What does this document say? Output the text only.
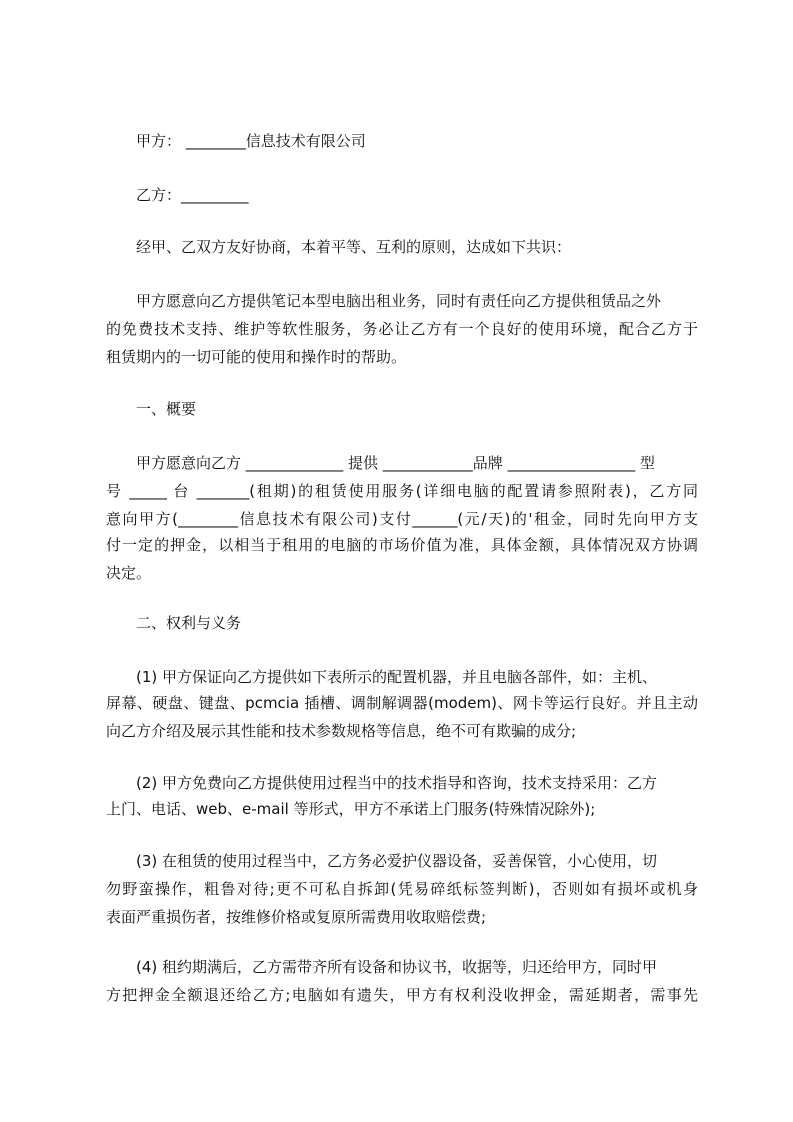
甲方： ________信息技术有限公司
乙方：_________
经甲、乙双方友好协商，本着平等、互利的原则，达成如下共识：
甲方愿意向乙方提供笔记本型电脑出租业务，同时有责任向乙方提供租赁品之外
的免费技术支持、维护等软性服务，务必让乙方有一个良好的使用环境，配合乙方于
租赁期内的一切可能的使用和操作时的帮助。
一、概要
甲方愿意向乙方 _____________ 提供 ____________品牌 _________________ 型
号 _____ 台 _______(租期)的租赁使用服务(详细电脑的配置请参照附表)，乙方同
意向甲方(________信息技术有限公司)支付______(元/天)的'租金，同时先向甲方支
付一定的押金，以相当于租用的电脑的市场价值为准，具体金额，具体情况双方协调
决定。
二、权利与义务
(1) 甲方保证向乙方提供如下表所示的配置机器，并且电脑各部件，如：主机、
屏幕、硬盘、键盘、pcmcia 插槽、调制解调器(modem)、网卡等运行良好。并且主动
向乙方介绍及展示其性能和技术参数规格等信息，绝不可有欺骗的成分;
(2) 甲方免费向乙方提供使用过程当中的技术指导和咨询，技术支持采用：乙方
上门、电话、web、e-mail 等形式，甲方不承诺上门服务(特殊情况除外);
(3) 在租赁的使用过程当中，乙方务必爱护仪器设备，妥善保管，小心使用，切
勿野蛮操作，粗鲁对待;更不可私自拆卸(凭易碎纸标签判断)，否则如有损坏或机身
表面严重损伤者，按维修价格或复原所需费用收取赔偿费;
(4) 租约期满后，乙方需带齐所有设备和协议书，收据等，归还给甲方，同时甲
方把押金全额退还给乙方;电脑如有遗失，甲方有权利没收押金，需延期者，需事先
